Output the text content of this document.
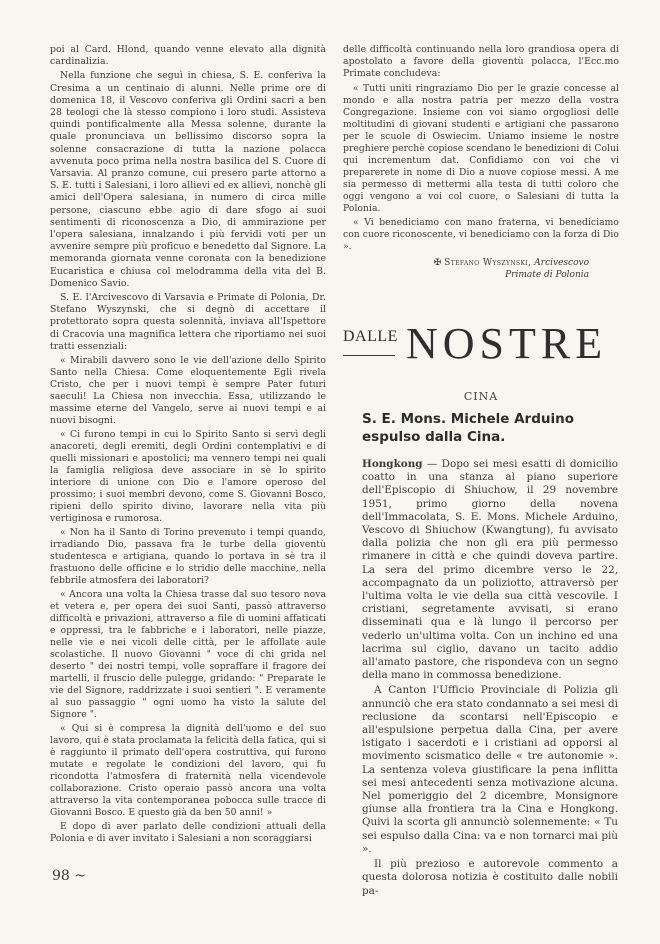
poi al Card. Hlond, quando venne elevato alla dignità cardinalizia.

Nella funzione che seguì in chiesa, S. E. conferiva la Cresima a un centinaio di alunni. Nelle prime ore di domenica 18, il Vescovo conferiva gli Ordini sacri a ben 28 teologi che là stesso compiono i loro studi. Assisteva quindi pontificalmente alla Messa solenne, durante la quale pronunciava un bellissimo discorso sopra la solenne consacrazione di tutta la nazione polacca avvenuta poco prima nella nostra basilica del S. Cuore di Varsavia. Al pranzo comune, cui presero parte attorno a S. E. tutti i Salesiani, i loro allievi ed ex allievi, nonchè gli amici dell'Opera salesiana, in numero di circa mille persone, ciascuno ebbe agio di dare sfogo ai suoi sentimenti di riconoscenza a Dio, di ammirazione per l'opera salesiana, innalzando i più fervidi voti per un avvenire sempre più proficuo e benedetto dal Signore. La memoranda giornata venne coronata con la benedizione Eucaristica e chiusa col melodramma della vita del B. Domenico Savio.

S. E. l'Arcivescovo di Varsavia e Primate di Polonia, Dr. Stefano Wyszynski, che si degnò di accettare il protettorato sopra questa solennità, inviava all'Ispettore di Cracovia una magnifica lettera che riportiamo nei suoi tratti essenziali:

« Mirabili davvero sono le vie dell'azione dello Spirito Santo nella Chiesa. Come eloquentemente Egli rivela Cristo, che per i nuovi tempi è sempre Pater futuri saeculi! La Chiesa non invecchia. Essa, utilizzando le massime eterne del Vangelo, serve ai nuovi tempi e ai nuovi bisogni.

« Ci furono tempi in cui lo Spirito Santo si servì degli anacoreti, degli eremiti, degli Ordini contemplativi e di quelli missionari e apostolici; ma vennero tempi nei quali la famiglia religiosa deve associare in sè lo spirito interiore di unione con Dio e l'amore operoso del prossimo; i suoi membri devono, come S. Giovanni Bosco, ripieni dello spirito divino, lavorare nella vita più vertiginosa e rumorosa.

« Non ha il Santo di Torino prevenuto i tempi quando, irradiando Dio, passava fra le turbe della gioventù studentesca e artigiana, quando lo portava in sè tra il frastuono delle officine e lo stridio delle macchine, nella febbrile atmosfera dei laboratori?

« Ancora una volta la Chiesa trasse dal suo tesoro nova et vetera e, per opera dei suoi Santi, passò attraverso difficoltà e privazioni, attraverso a file di uomini affaticati e oppressi, tra le fabbriche e i laboratori, nelle piazze, nelle vie e nei vicoli delle città, per le affollate aule scolastiche. Il nuovo Giovanni " voce di chi grida nel deserto " dei nostri tempi, volle sopraffare il fragore dei martelli, il fruscio delle pulegge, gridando: " Preparate le vie del Signore, raddrizzate i suoi sentieri ". E veramente al suo passaggio " ogni uomo ha visto la salute del Signore ".

« Qui si è compresa la dignità dell'uomo e del suo lavoro, qui è stata proclamata la felicità della fatica, qui si è raggiunto il primato dell'opera costruttiva, qui furono mutate e regolate le condizioni del lavoro, qui fu ricondotta l'atmosfera di fraternità nella vicendevole collaborazione. Cristo operaio passò ancora una volta attraverso la vita contemporanea pobocca sulle tracce di Giovanni Bosco. E questo già da ben 50 anni! »

E dopo di aver parlato delle condizioni attuali della Polonia e di aver invitato i Salesiani a non scoraggiarsi

delle difficoltà continuando nella loro grandiosa opera di apostolato a favore della gioventù polacca, l'Ecc.mo Primate concludeva:

« Tutti uniti ringraziamo Dio per le grazie concesse al mondo e alla nostra patria per mezzo della vostra Congregazione. Insieme con voi siamo orgogliosi delle moltitudini di giovani studenti e artigiani che passarono per le scuole di Oswiecim. Uniamo insieme le nostre preghiere perchè copiose scendano le benedizioni di Colui qui incrementum dat. Confidiamo con voi che vi preparerete in nome di Dio a nuove copiose messi. A me sia permesso di mettermi alla testa di tutti coloro che oggi vengono a voi col cuore, o Salesiani di tutta la Polonia.

« Vi benediciamo con mano fraterna, vi benediciamo con cuore riconoscente, vi benediciamo con la forza di Dio ».

✠ Stefano Wyszynski, Arcivescovo
Primate di Polonia
DALLE NOSTRE
CINA
S. E. Mons. Michele Arduino espulso dalla Cina.

Hongkong — Dopo sei mesi esatti di domicilio coatto in una stanza al piano superiore dell'Episcopio di Shiuchow, il 29 novembre 1951, primo giorno della novena dell'Immacolata, S. E. Mons. Michele Arduino, Vescovo di Shiuchow (Kwangtung), fu avvisato dalla polizia che non gli era più permesso rimanere in città e che quindi doveva partire. La sera del primo dicembre verso le 22, accompagnato da un poliziotto, attraversò per l'ultima volta le vie della sua città vescovile. I cristiani, segretamente avvisati, si erano disseminati qua e là lungo il percorso per vederlo un'ultima volta. Con un inchino ed una lacrima sul ciglio, davano un tacito addio all'amato pastore, che rispondeva con un segno della mano in commossa benedizione.

A Canton l'Ufficio Provinciale di Polizia gli annunciò che era stato condannato a sei mesi di reclusione da scontarsi nell'Episcopio e all'espulsione perpetua dalla Cina, per avere istigato i sacerdoti e i cristiani ad opporsi al movimento scismatico delle « tre autonomie ». La sentenza voleva giustificare la pena inflitta sei mesi antecedenti senza motivazione alcuna. Nel pomeriggio del 2 dicembre, Monsignore giunse alla frontiera tra la Cina e Hongkong. Quivi la scorta gli annunciò solennemente: « Tu sei espulso dalla Cina: va e non tornarci mai più ».

Il più prezioso e autorevole commento a questa dolorosa notizia è costituito dalle nobili pa-

98 ~
